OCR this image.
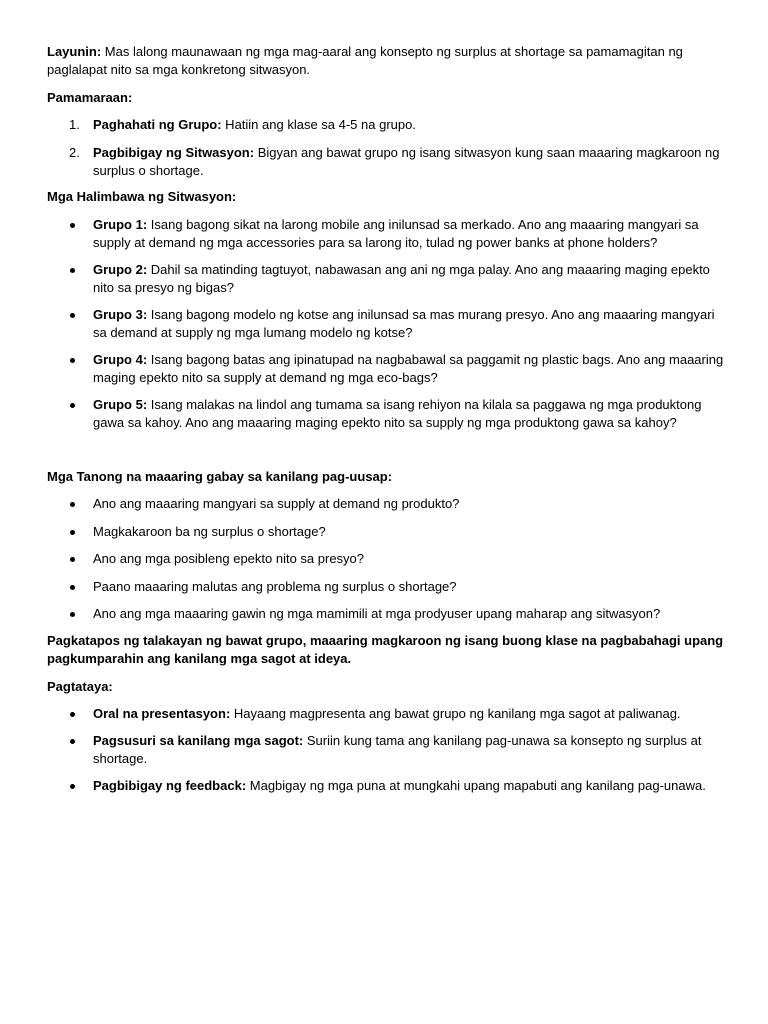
Layunin: Mas lalong maunawaan ng mga mag-aaral ang konsepto ng surplus at shortage sa pamamagitan ng paglalapat nito sa mga konkretong sitwasyon.

Pamamaraan:

1. Paghahati ng Grupo: Hatiin ang klase sa 4-5 na grupo.

2. Pagbibigay ng Sitwasyon: Bigyan ang bawat grupo ng isang sitwasyon kung saan maaaring magkaroon ng surplus o shortage.

Mga Halimbawa ng Sitwasyon:

Grupo 1: Isang bagong sikat na larong mobile ang inilunsad sa merkado. Ano ang maaaring mangyari sa supply at demand ng mga accessories para sa larong ito, tulad ng power banks at phone holders?

Grupo 2: Dahil sa matinding tagtuyot, nabawasan ang ani ng mga palay. Ano ang maaaring maging epekto nito sa presyo ng bigas?

Grupo 3: Isang bagong modelo ng kotse ang inilunsad sa mas murang presyo. Ano ang maaaring mangyari sa demand at supply ng mga lumang modelo ng kotse?

Grupo 4: Isang bagong batas ang ipinatupad na nagbabawal sa paggamit ng plastic bags. Ano ang maaaring maging epekto nito sa supply at demand ng mga eco-bags?

Grupo 5: Isang malakas na lindol ang tumama sa isang rehiyon na kilala sa paggawa ng mga produktong gawa sa kahoy. Ano ang maaaring maging epekto nito sa supply ng mga produktong gawa sa kahoy?

Mga Tanong na maaaring gabay sa kanilang pag-uusap:

Ano ang maaaring mangyari sa supply at demand ng produkto?

Magkakaroon ba ng surplus o shortage?

Ano ang mga posibleng epekto nito sa presyo?

Paano maaaring malutas ang problema ng surplus o shortage?

Ano ang mga maaaring gawin ng mga mamimili at mga prodyuser upang maharap ang sitwasyon?

Pagkatapos ng talakayan ng bawat grupo, maaaring magkaroon ng isang buong klase na pagbabahagi upang pagkumparahin ang kanilang mga sagot at ideya.

Pagtataya:

Oral na presentasyon: Hayaang magpresenta ang bawat grupo ng kanilang mga sagot at paliwanag.

Pagsusuri sa kanilang mga sagot: Suriin kung tama ang kanilang pag-unawa sa konsepto ng surplus at shortage.

Pagbibigay ng feedback: Magbigay ng mga puna at mungkahi upang mapabuti ang kanilang pag-unawa.
